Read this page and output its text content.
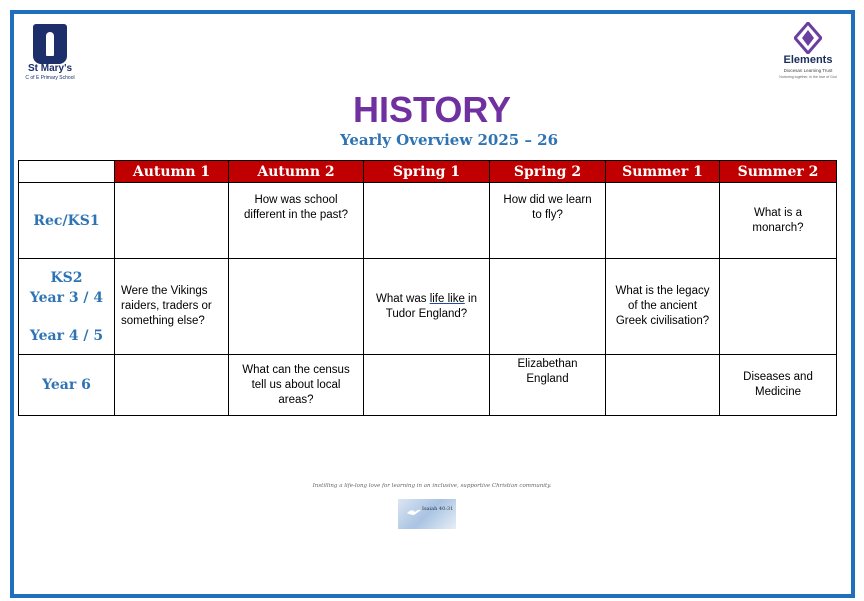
St Mary's
C of E Primary School
Elements
Diocesan Learning Trust
Nurturing together, in the love of God
HISTORY
Yearly Overview 2025 – 26
	Autumn 1	Autumn 2	Spring 1	Spring 2	Summer 1	Summer 2
Rec/KS1		How was school different in the past?		How did we learn to fly?		What is a monarch?

KS2
Year 3 / 4
Year 4 / 5	Were the Vikings raiders, traders or something else?		What was life like in Tudor England?		What is the legacy of the ancient Greek civilisation?	
Year 6		What can the census tell us about local areas?		Elizabethan England		Diseases and Medicine
Instilling a life-long love for learning in an inclusive, supportive Christian community.
Isaiah 40:31
